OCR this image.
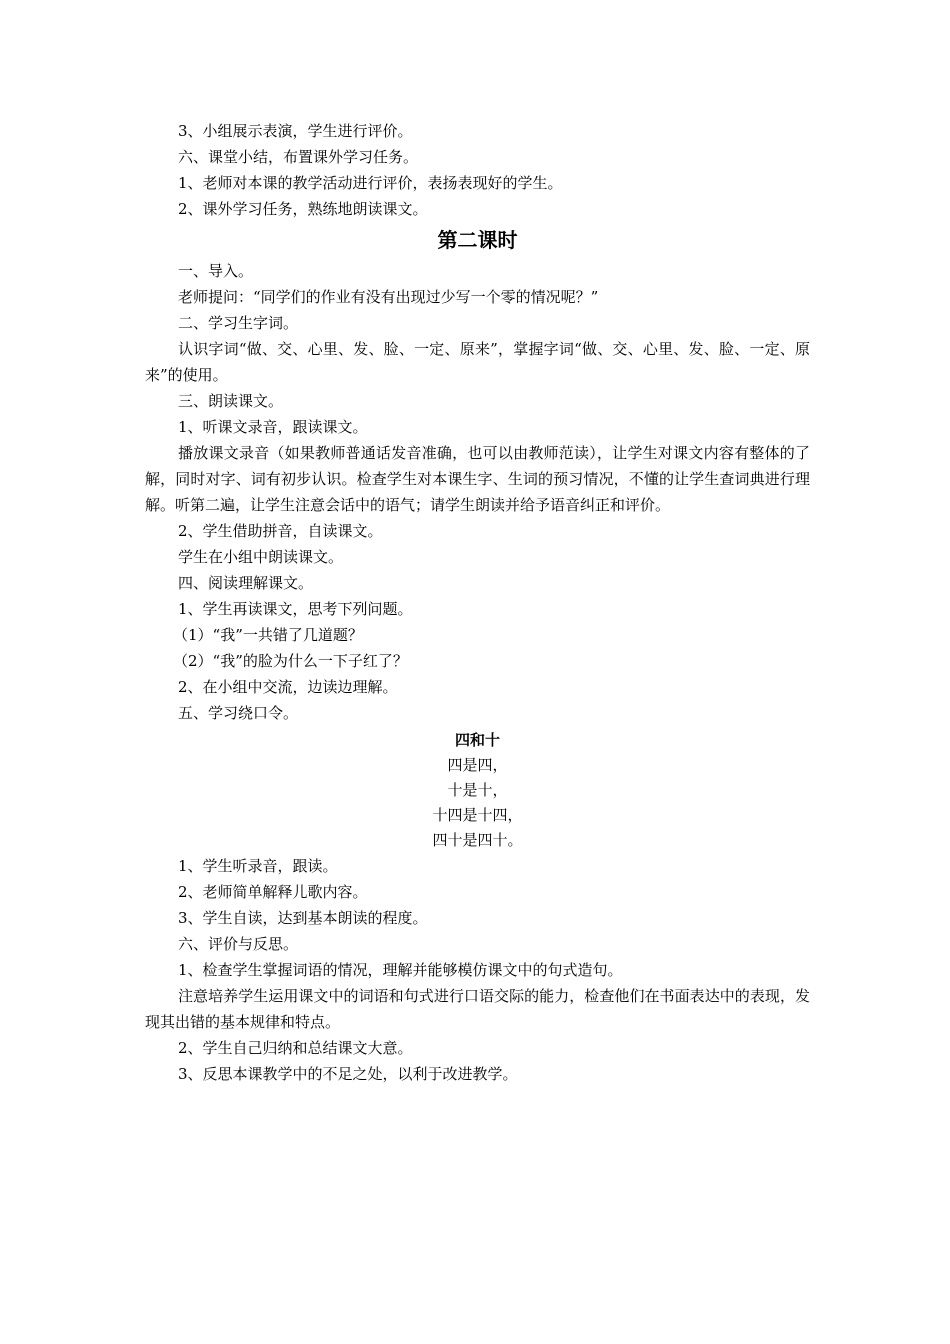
3、小组展示表演，学生进行评价。

六、课堂小结，布置课外学习任务。

1、老师对本课的教学活动进行评价，表扬表现好的学生。

2、课外学习任务，熟练地朗读课文。

第二课时

一、导入。

老师提问：“同学们的作业有没有出现过少写一个零的情况呢？”

二、学习生字词。

认识字词“做、交、心里、发、脸、一定、原来”，掌握字词“做、交、心里、发、脸、一定、原来”的使用。

三、朗读课文。

1、听课文录音，跟读课文。

播放课文录音（如果教师普通话发音准确，也可以由教师范读），让学生对课文内容有整体的了解，同时对字、词有初步认识。检查学生对本课生字、生词的预习情况，不懂的让学生查词典进行理解。听第二遍，让学生注意会话中的语气；请学生朗读并给予语音纠正和评价。

2、学生借助拼音，自读课文。

学生在小组中朗读课文。

四、阅读理解课文。

1、学生再读课文，思考下列问题。

（1）“我”一共错了几道题？

（2）“我”的脸为什么一下子红了？

2、在小组中交流，边读边理解。

五、学习绕口令。

四和十
四是四，
十是十，
十四是十四，
四十是四十。

1、学生听录音，跟读。

2、老师简单解释儿歌内容。

3、学生自读，达到基本朗读的程度。

六、评价与反思。

1、检查学生掌握词语的情况，理解并能够模仿课文中的句式造句。

注意培养学生运用课文中的词语和句式进行口语交际的能力，检查他们在书面表达中的表现，发现其出错的基本规律和特点。

2、学生自己归纳和总结课文大意。

3、反思本课教学中的不足之处，以利于改进教学。
